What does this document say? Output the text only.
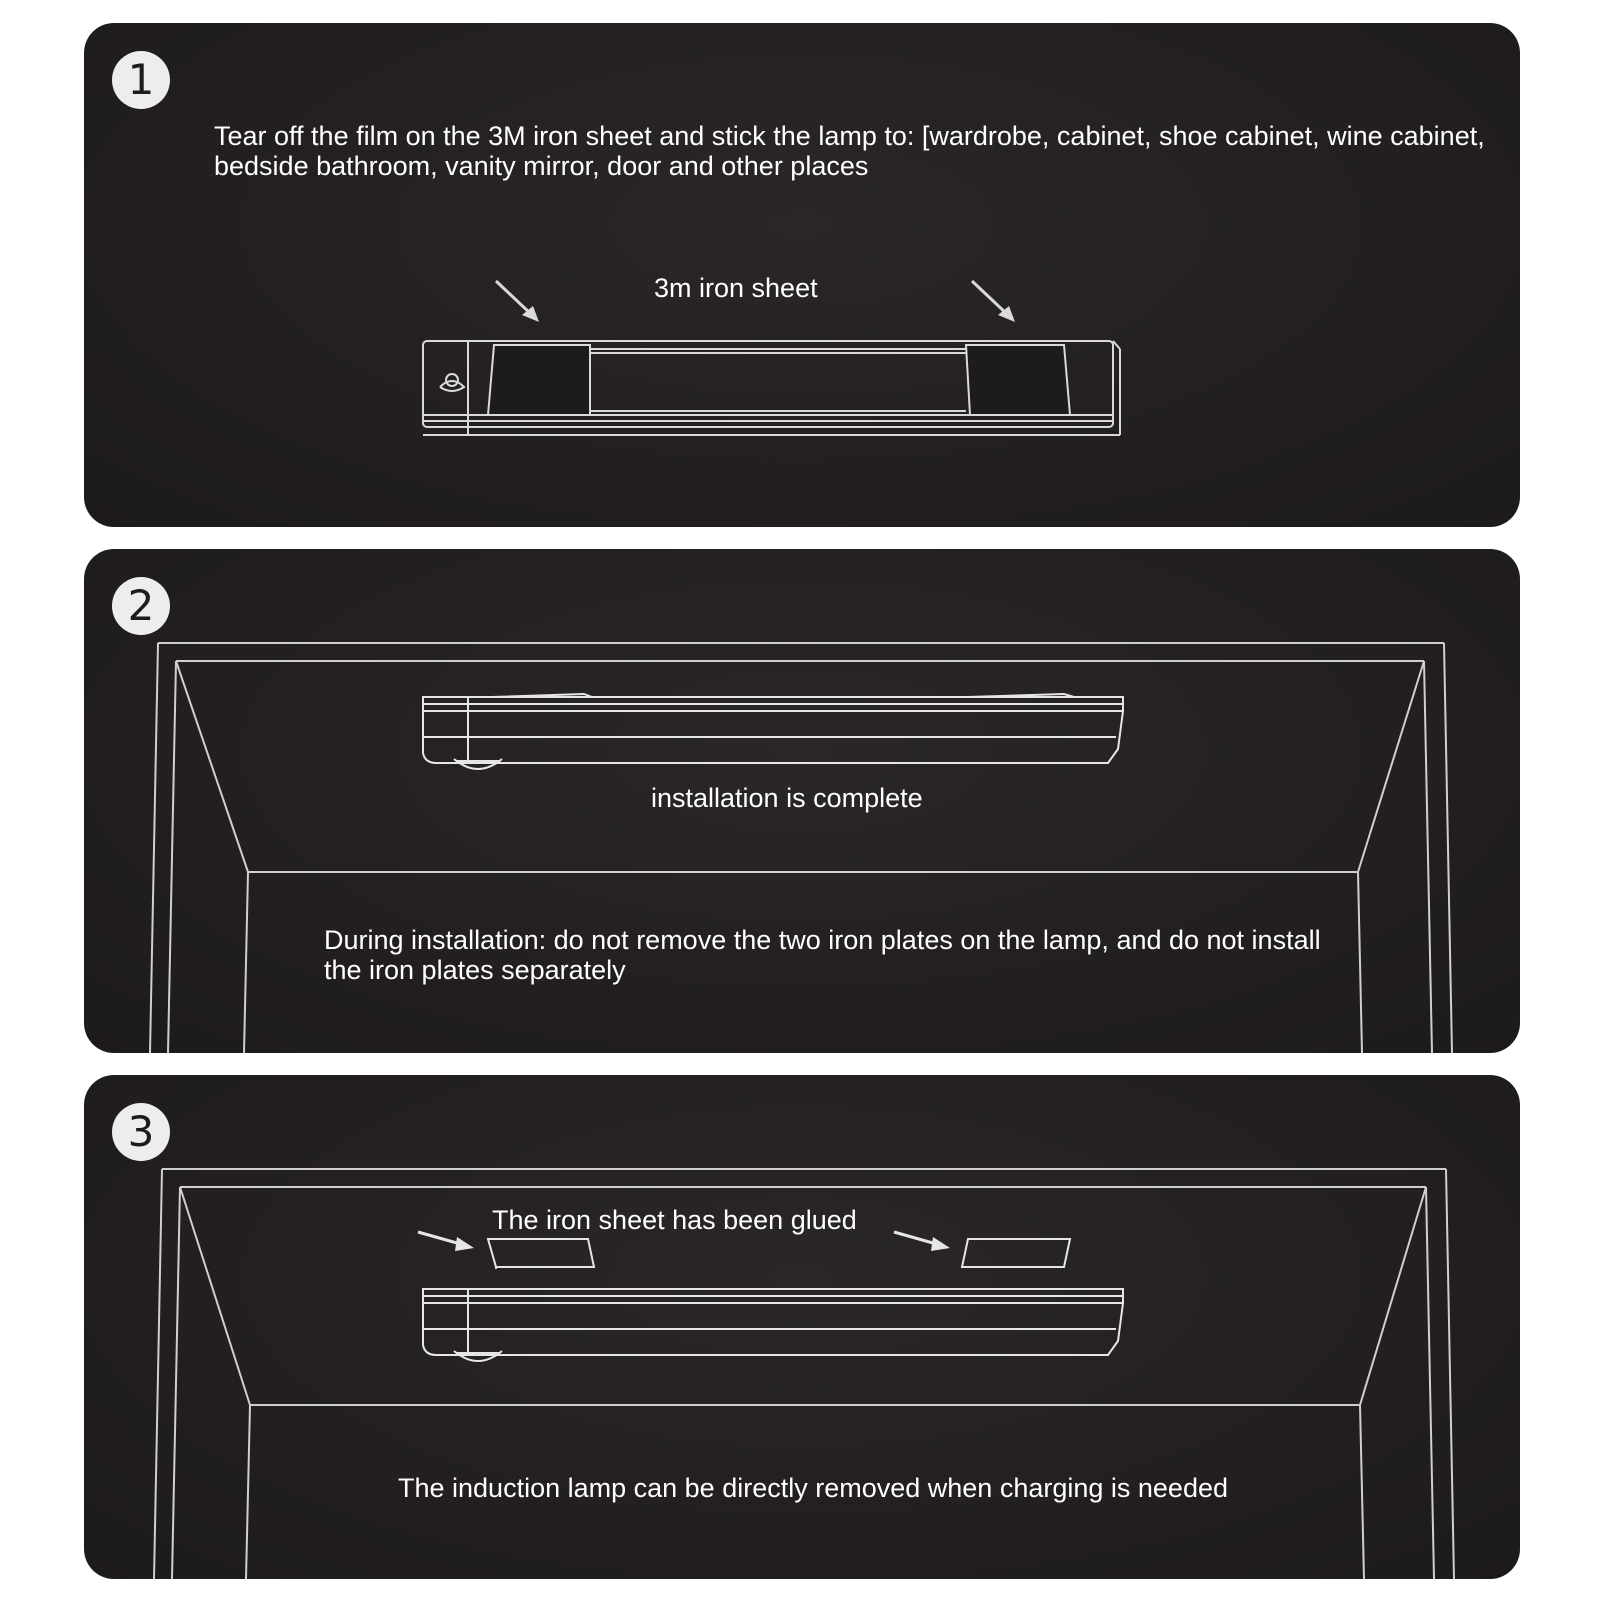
1
Tear off the film on the 3M iron sheet and stick the lamp to: [wardrobe, cabinet, shoe cabinet, wine cabinet, bedside bathroom, vanity mirror, door and other places
3m iron sheet
2
installation is complete
During installation: do not remove the two iron plates on the lamp, and do not install the iron plates separately
3
The iron sheet has been glued
The induction lamp can be directly removed when charging is needed
